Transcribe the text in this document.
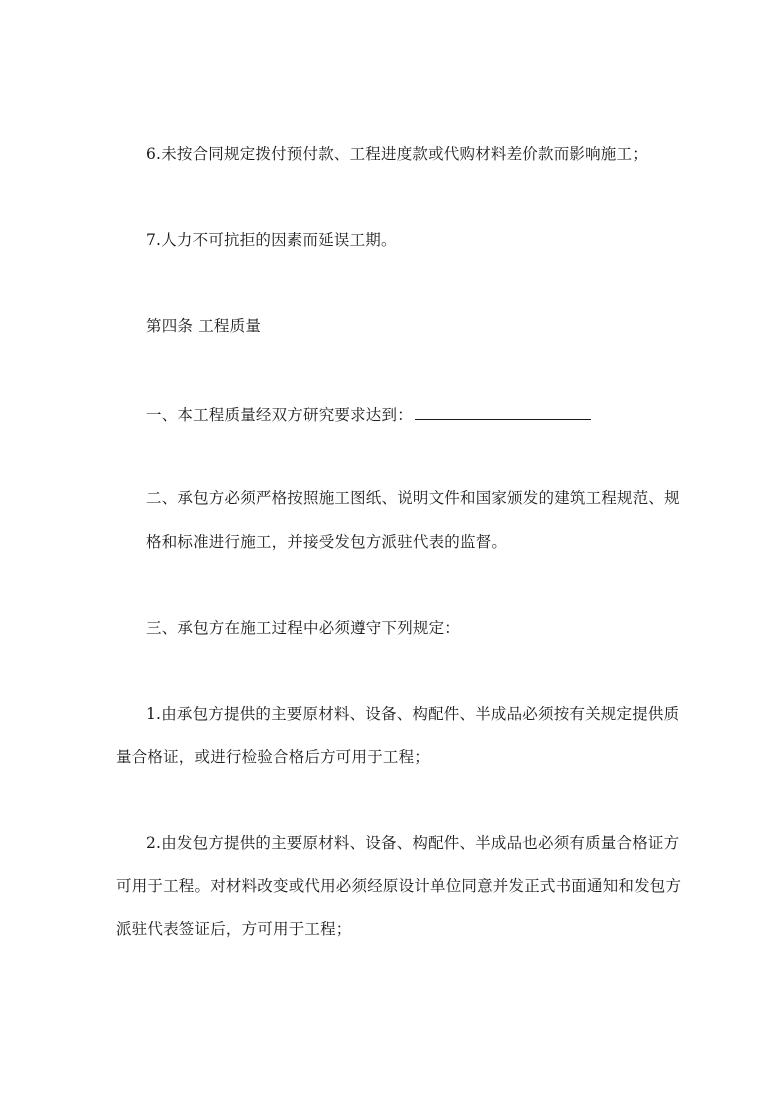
6.未按合同规定拨付预付款、工程进度款或代购材料差价款而影响施工；
7.人力不可抗拒的因素而延误工期。
第四条 工程质量
一、本工程质量经双方研究要求达到：
二、承包方必须严格按照施工图纸、说明文件和国家颁发的建筑工程规范、规
格和标准进行施工，并接受发包方派驻代表的监督。
三、承包方在施工过程中必须遵守下列规定：
1.由承包方提供的主要原材料、设备、构配件、半成品必须按有关规定提供质
量合格证，或进行检验合格后方可用于工程；
2.由发包方提供的主要原材料、设备、构配件、半成品也必须有质量合格证方
可用于工程。对材料改变或代用必须经原设计单位同意并发正式书面通知和发包方
派驻代表签证后，方可用于工程；
